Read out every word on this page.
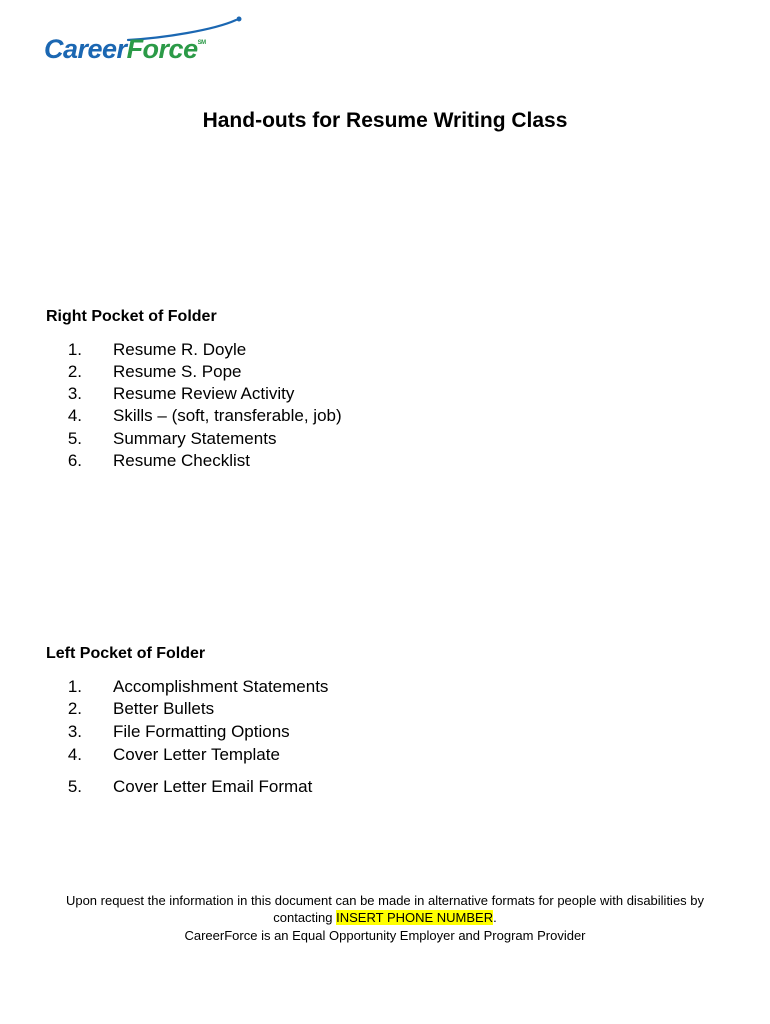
CareerForce℠
Hand-outs for Resume Writing Class
Right Pocket of Folder
1. Resume R. Doyle
2. Resume S. Pope
3. Resume Review Activity
4. Skills – (soft, transferable, job)
5. Summary Statements
6. Resume Checklist
Left Pocket of Folder
1. Accomplishment Statements
2. Better Bullets
3. File Formatting Options
4. Cover Letter Template
5. Cover Letter Email Format
Upon request the information in this document can be made in alternative formats for people with disabilities by
contacting INSERT PHONE NUMBER.
CareerForce is an Equal Opportunity Employer and Program Provider
